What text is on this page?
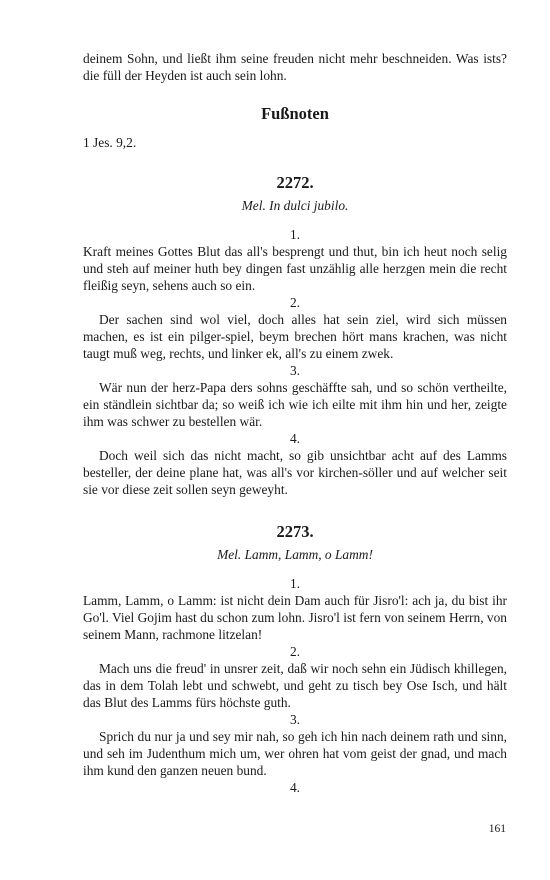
deinem Sohn, und ließt ihm seine freuden nicht mehr beschneiden. Was ists? die füll der Heyden ist auch sein lohn.

Fußnoten

1 Jes. 9,2.

2272.
Mel. In dulci jubilo.
1.

Kraft meines Gottes Blut das all's besprengt und thut, bin ich heut noch selig und steh auf meiner huth bey dingen fast unzählig alle herzgen mein die recht fleißig seyn, sehens auch so ein.

2.

Der sachen sind wol viel, doch alles hat sein ziel, wird sich müssen machen, es ist ein pilger-spiel, beym brechen hört mans krachen, was nicht taugt muß weg, rechts, und linker ek, all's zu einem zwek.

3.

Wär nun der herz-Papa ders sohns geschäffte sah, und so schön vertheilte, ein ständlein sichtbar da; so weiß ich wie ich eilte mit ihm hin und her, zeigte ihm was schwer zu bestellen wär.

4.

Doch weil sich das nicht macht, so gib unsichtbar acht auf des Lamms besteller, der deine plane hat, was all's vor kirchen-söller und auf welcher seit sie vor diese zeit sollen seyn geweyht.

2273.
Mel. Lamm, Lamm, o Lamm!
1.

Lamm, Lamm, o Lamm: ist nicht dein Dam auch für Jisro'l: ach ja, du bist ihr Go'l. Viel Gojim hast du schon zum lohn. Jisro'l ist fern von seinem Herrn, von seinem Mann, rachmone litzelan!

2.

Mach uns die freud' in unsrer zeit, daß wir noch sehn ein Jüdisch khillegen, das in dem Tolah lebt und schwebt, und geht zu tisch bey Ose Isch, und hält das Blut des Lamms fürs höchste guth.

3.

Sprich du nur ja und sey mir nah, so geh ich hin nach deinem rath und sinn, und seh im Judenthum mich um, wer ohren hat vom geist der gnad, und mach ihm kund den ganzen neuen bund.

4.
161
